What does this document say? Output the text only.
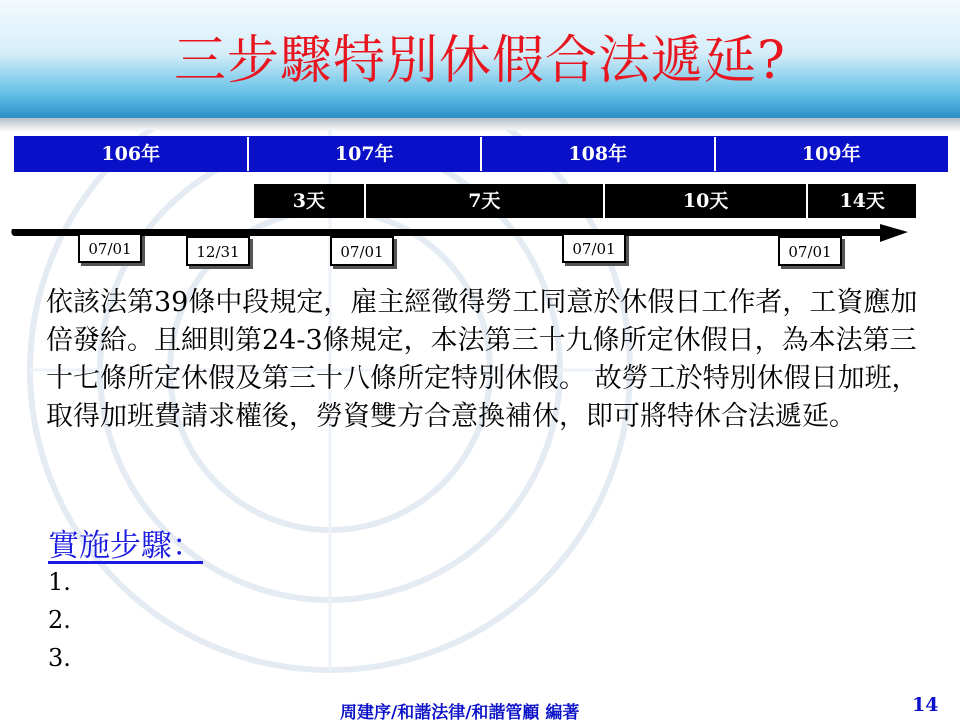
三步驟特別休假合法遞延?
106年	107年	108年	109年
3天	7天	10天	14天
07/01	12/31	07/01	07/01	07/01
依該法第39條中段規定，雇主經徵得勞工同意於休假日工作者，工資應加倍發給。且細則第24-3條規定，本法第三十九條所定休假日，為本法第三十七條所定休假及第三十八條所定特別休假。 故勞工於特別休假日加班，取得加班費請求權後，勞資雙方合意換補休，即可將特休合法遞延。
實施步驟：
1.
2.
3.
周建序/和諧法律/和諧管顧 編著	14
